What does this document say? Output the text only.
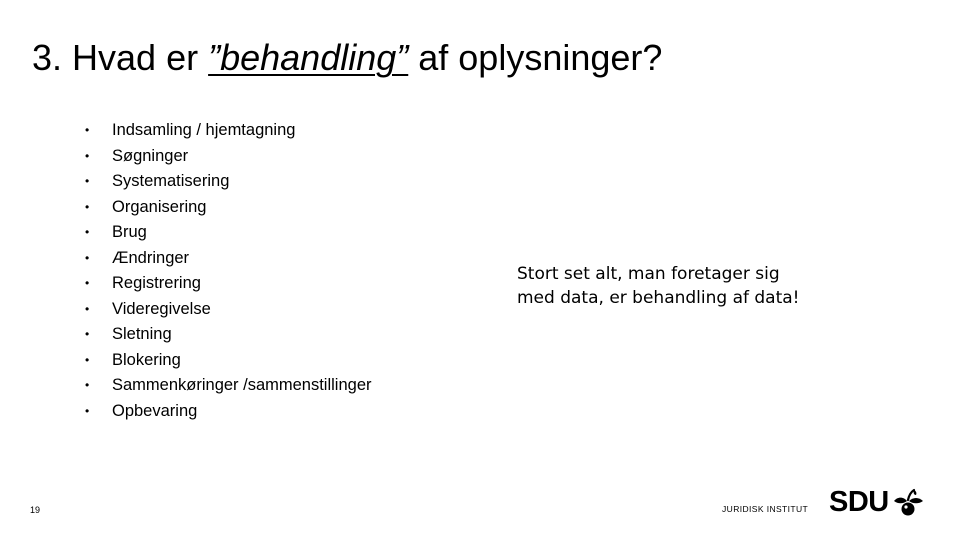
3. Hvad er ”behandling” af oplysninger?
• Indsamling / hjemtagning
• Søgninger
• Systematisering
• Organisering
• Brug
• Ændringer
• Registrering
• Videregivelse
• Sletning
• Blokering
• Sammenkøringer /sammenstillinger
• Opbevaring

Stort set alt, man foretager sig med data, er behandling af data!

19	JURIDISK INSTITUT SDU
